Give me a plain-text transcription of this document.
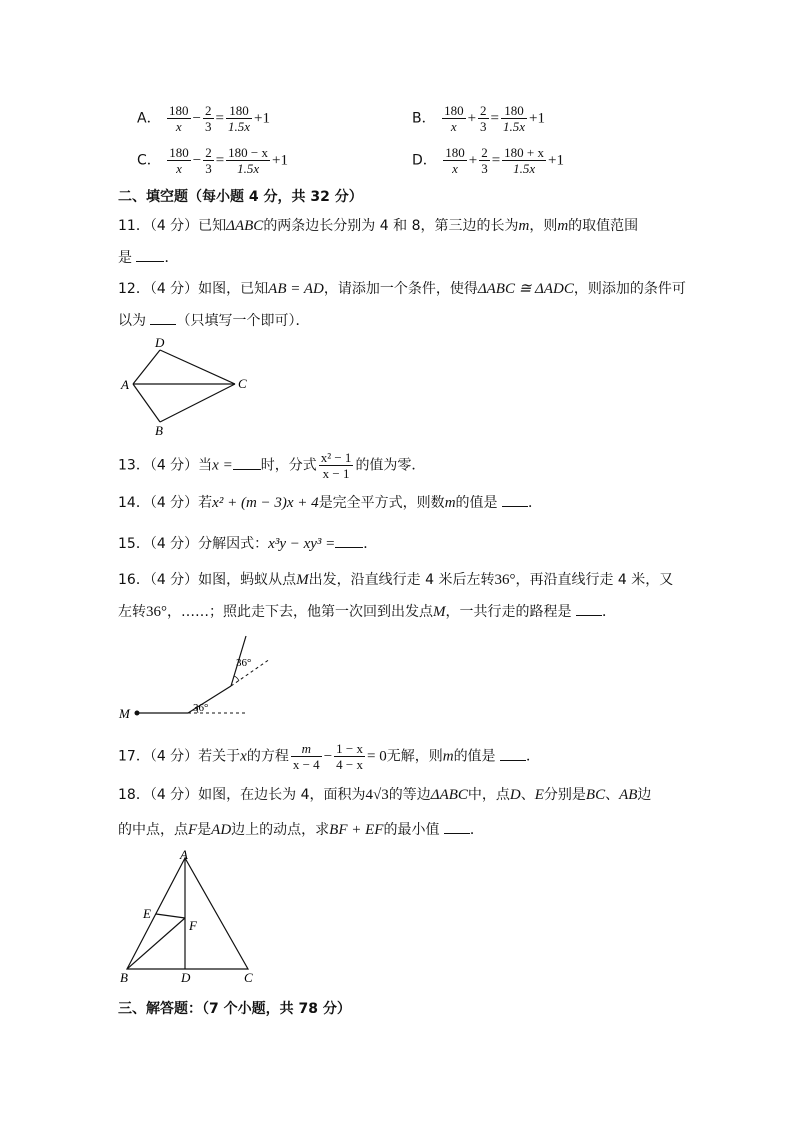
A． $\frac{180}{x} - \frac{2}{3} = \frac{180}{1.5x} +1$	B． $\frac{180}{x} + \frac{2}{3} = \frac{180}{1.5x} +1$
C． $\frac{180}{x} - \frac{2}{3} = \frac{180 - x}{1.5x} +1$	D． $\frac{180}{x} + \frac{2}{3} = \frac{180 + x}{1.5x} +1$
二、填空题（每小题 4 分，共 32 分）
11．（4 分）已知ΔABC的两条边长分别为 4 和 8，第三边的长为m，则m的取值范围
是 ．
12．（4 分）如图，已知AB = AD，请添加一个条件，使得ΔABC ≅ ΔADC，则添加的条件可
以为 （只填写一个即可）．
D
A	C
B
13．（4 分）当x = 时，分式 $\frac{\text{x² − 1}}{x - 1}$ 的值为零．
14．（4 分）若x² + (m − 3)x + 4是完全平方式，则数m的值是 ．
15．（4 分）分解因式：x³y − xy³ = ．
16．（4 分）如图，蚂蚁从点M出发，沿直线行走 4 米后左转36°，再沿直线行走 4 米，又
左转36°，……；照此走下去，他第一次回到出发点M，一共行走的路程是 ．
M	36°
36°
17．（4 分）若关于x的方程 $\frac{m}{x - 4} - \frac{1 - x}{4 - x} = 0$无解，则m的值是 ．
18．（4 分）如图，在边长为 4，面积为4√3的等边ΔABC中，点D、E分别是BC、AB边
的中点，点F是AD边上的动点，求BF + EF的最小值 ．
A
E
F
B	D	C
三、解答题：（7 个小题，共 78 分）
